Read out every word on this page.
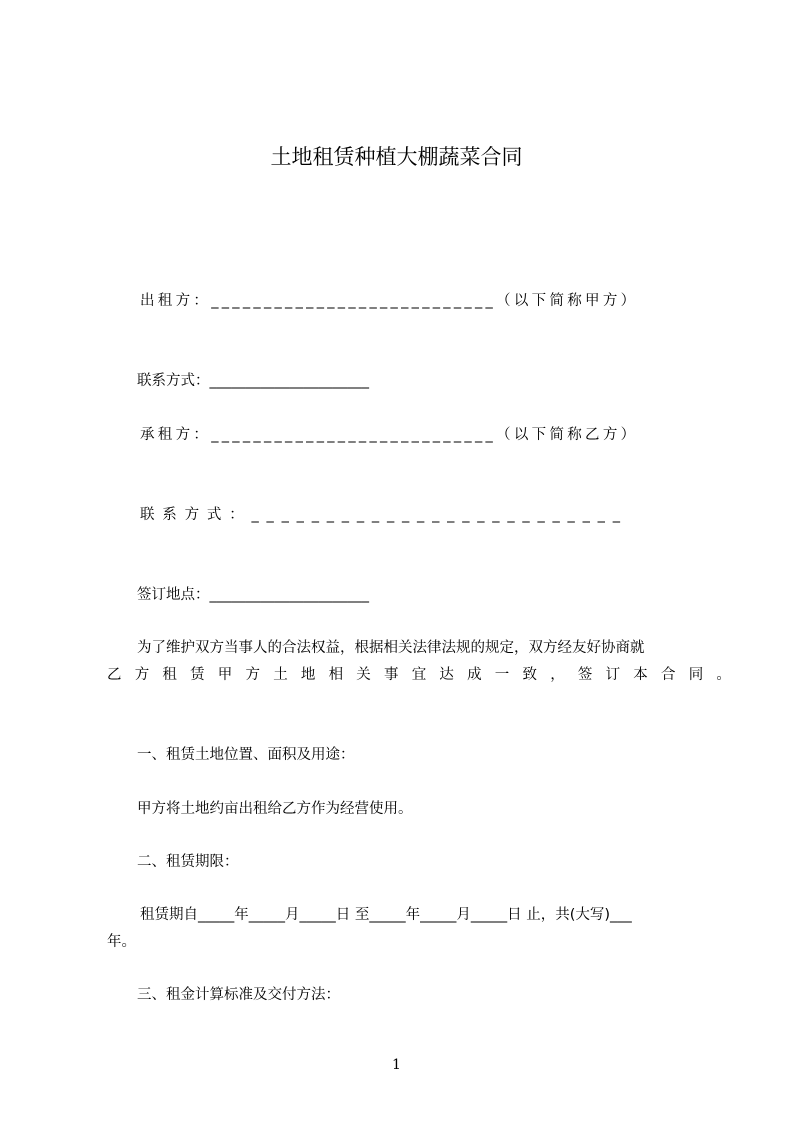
土地租赁种植大棚蔬菜合同
出租方：___________________________（以下简称甲方）
联系方式：______________________
承租方：___________________________（以下简称乙方）
联系方式：_________________________
签订地点：______________________
为了维护双方当事人的合法权益，根据相关法律法规的规定，双方经友好协商就
乙方租赁甲方土地相关事宜达成一致，签订本合同。
一、租赁土地位置、面积及用途：
甲方将土地约亩出租给乙方作为经营使用。
二、租赁期限：
租赁期自_____年_____月_____日 至_____年_____月_____日 止，共(大写)___
年。
三、租金计算标准及交付方法：
1
